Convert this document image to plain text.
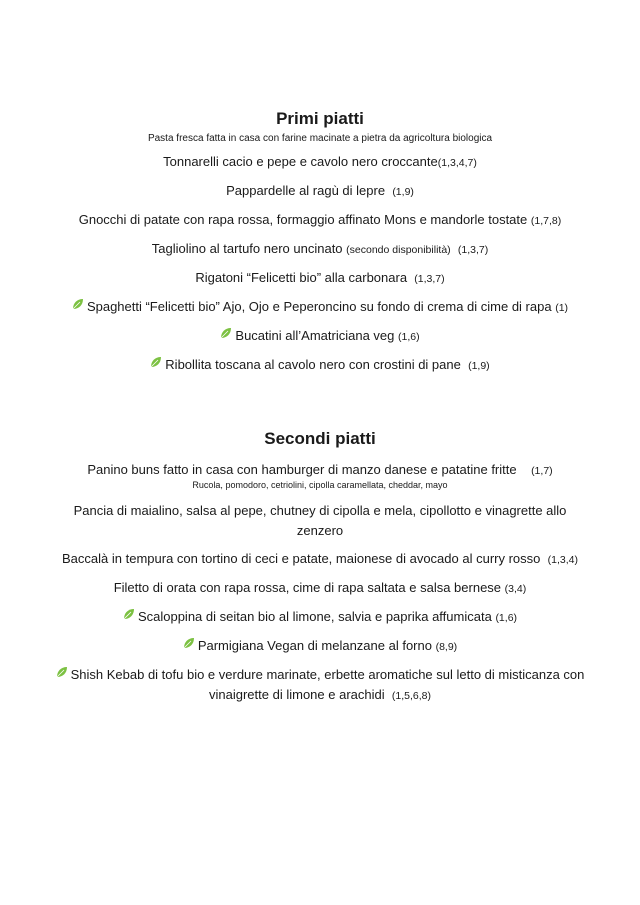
Primi piatti

Pasta fresca fatta in casa con farine macinate a pietra da agricoltura biologica

Tonnarelli cacio e pepe e cavolo nero croccante(1,3,4,7)

Pappardelle al ragù di lepre (1,9)

Gnocchi di patate con rapa rossa, formaggio affinato Mons e mandorle tostate (1,7,8)

Tagliolino al tartufo nero uncinato (secondo disponibilità) (1,3,7)

Rigatoni “Felicetti bio” alla carbonara (1,3,7)

Spaghetti “Felicetti bio” Ajo, Ojo e Peperoncino su fondo di crema di cime di rapa (1)

Bucatini all’Amatriciana veg (1,6)

Ribollita toscana al cavolo nero con crostini di pane (1,9)

Secondi piatti

Panino buns fatto in casa con hamburger di manzo danese e patatine fritte (1,7)

Rucola, pomodoro, cetriolini, cipolla caramellata, cheddar, mayo

Pancia di maialino, salsa al pepe, chutney di cipolla e mela, cipollotto e vinagrette allo zenzero

Baccalà in tempura con tortino di ceci e patate, maionese di avocado al curry rosso (1,3,4)

Filetto di orata con rapa rossa, cime di rapa saltata e salsa bernese (3,4)

Scaloppina di seitan bio al limone, salvia e paprika affumicata (1,6)

Parmigiana Vegan di melanzane al forno (8,9)

Shish Kebab di tofu bio e verdure marinate, erbette aromatiche sul letto di misticanza con vinaigrette di limone e arachidi (1,5,6,8)
